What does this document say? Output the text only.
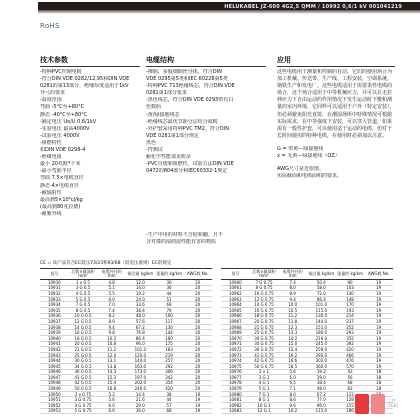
HELUKABEL JZ-600 4G2,5 QMM / 10992 0,6/1 kV 001041219
RoHS
技术参数
-特种PVC控制电缆
-符合DIN VDE 0282/12,95和DIN VDE
0281的第13部分，绝缘厚度适用于1kV
导弓的要求
-温度范围
弯曲 -5°C至+80°C
静态 -40°C至+80°C
-额定电压 Uo/U 0.6/1kV
-实验电压 最高4000V
-试验电压 4000V
-阻燃特性
如DIN VDE 0298-4
-绝缘电阻
最小 20兆欧*千米
-最小弯曲半径
弯曲 7.5×电缆直径
静态 4×电缆直径
-耐辐射性
最高到5×10⁶cJ/kg
(最高到80兆拉德)
-耐紫外线
电缆结构
-裸铜，多股细铜丝导体，符合DIN
VDE 0295第5类和IEC 60228第5类
-特种PVC T13绝缘线芯，符合DIN VDE
0281第1部分要求
-黑色线芯，符合DIN VDE 0293带有白
色数码
-黄/绿接地线芯
-绝缘线芯最优节距分层绞合成缆
-外护套采用特种PVC TM2，符合DIN
VDE 0281第1部分规定
黑色
-符测试
耐化学性能请见附录
-PVC自熄和阻燃性，试验方法DIN VDE
0472的804部分和IEC60332-1规定
-生产中用的材料不含硅和硼，且不
含对漆的湿润湿性能有害的物质
应用
这些电缆用于测量和控制的自动，它们的使用场合为加工机械、传送带、生产线、工程安装、空调系统，钢铁生产和发电厂，这些电缆适用于需要柔性电缆的场合，这个场合适用于中等机械应力，并可以在无拉伸应力下自由运动的作用情况下发生运动时下敷和测量的室内环境，它同样可以适用于户外（特定安装），但必须避免阳光直射，在潮湿场所中特殊情况可根据实际需求，在中等强度下安装，可以穿入管道，如果需有一般性护套，可以使用适于运动的电缆，但对于长时间使用的特种电缆，在使用时必须加以注意。
G = 带黄—绿接地线
x = 无黄—绿接地线（OZ）
AWG尺寸是近似值。
实际截面和电缆面积的要求，
CE = 该产品符合EC低压73/23和93/68（低电压准则）EC的规定
货号	芯数×截面积 mm²
电缆外径约 mm	铜含量 kg/km 重量约 kg/km	AWG数 No.
10930	2 x 0.5	4.8	12.0	30	20
10931	3 G 0.5	5.1	14.0	36	20
10932	4 G 0.5	5.5	19.2	44	20
10933	5 G 0.5	6.0	24.0	51	20
10934	7 G 0.5	7.0	33.6	69	20
10935	8 G 0.5	7.4	38.4	79	20
10936	10 G 0.5	8.2	48.0	100	20
10937	12 G 0.5	8.9	57.6	117	20
10938	14 G 0.5	9.4	67.2	130	20
10939	16 G 0.5	9.8	76.8	144	20
10940	18 G 0.5	10.3	86.4	160	20
10941	20 G 0.5	10.8	96.0	175	20
10942	21 G 0.5	11.2	101.0	183	20
10943	25 G 0.5	12.4	120.0	219	20
10944	30 G 0.5	13.1	144.0	257	20
10945	34 G 0.5	13.8	163.0	292	20
10946	36 G 0.5	14.3	173.0	306	20
10947	41 G 0.5	15.2	197.0	342	20
10948	42 G 0.5	15.4	202.0	354	20
10949	50 G 0.5	16.8	240.0	420	20
10950	2 x 0.75	5.2	14.4	38	19
10951	3 G 0.75	5.6	21.6	44	19
10952	4 G 0.75	6.0	29.0	57	19
10953	5 G 0.75	6.6	36.0	68	19
货号	芯数×截面积 mm²
电缆外径约 mm	铜含量 kg/km 重量约 kg/km	AWG数 No.
10960	7 G 0.75	7.4	50.4	90	19
10961	8 G 0.75	8.0	58.0	103	19
10962	10 G 0.75	8.9	72.0	130	19
10963	12 G 0.75	9.4	86.4	148	19
10964	14 G 0.75	10.0	101.0	170	19
10965	16 G 0.75	10.5	115.0	193	19
10966	18 G 0.75	11.2	130.0	214	19
10967	20 G 0.75	11.8	144.0	237	19
10968	21 G 0.75	12.3	151.0	252	19
10969	25 G 0.75	13.3	180.0	293	19
10970	30 G 0.75	14.2	216.0	352	19
10971	34 G 0.75	15.0	245.0	392	19
10972	36 G 0.75	15.4	259.0	420	19
10973	41 G 0.75	16.2	295.0	466	19
10974	42 G 0.75	16.6	302.0	476	19
10975	50 G 0.75	18.5	360.0	570	19
10976	2 x 1	5.6	19.2	43	18
10977	3 G 1	6.0	29.0	56	18
10978	4 G 1	6.5	38.4	68	18
10979	5 G 1	7.1	48.0	83	18
10980	7 G 1	8.0	67.2	112
10981	8 G 1	8.6	77.0	128
10982	10 G 1	9.6	96.0	155
10983	12 G 1	10.2	115.0	186
工控
ZGKJ
